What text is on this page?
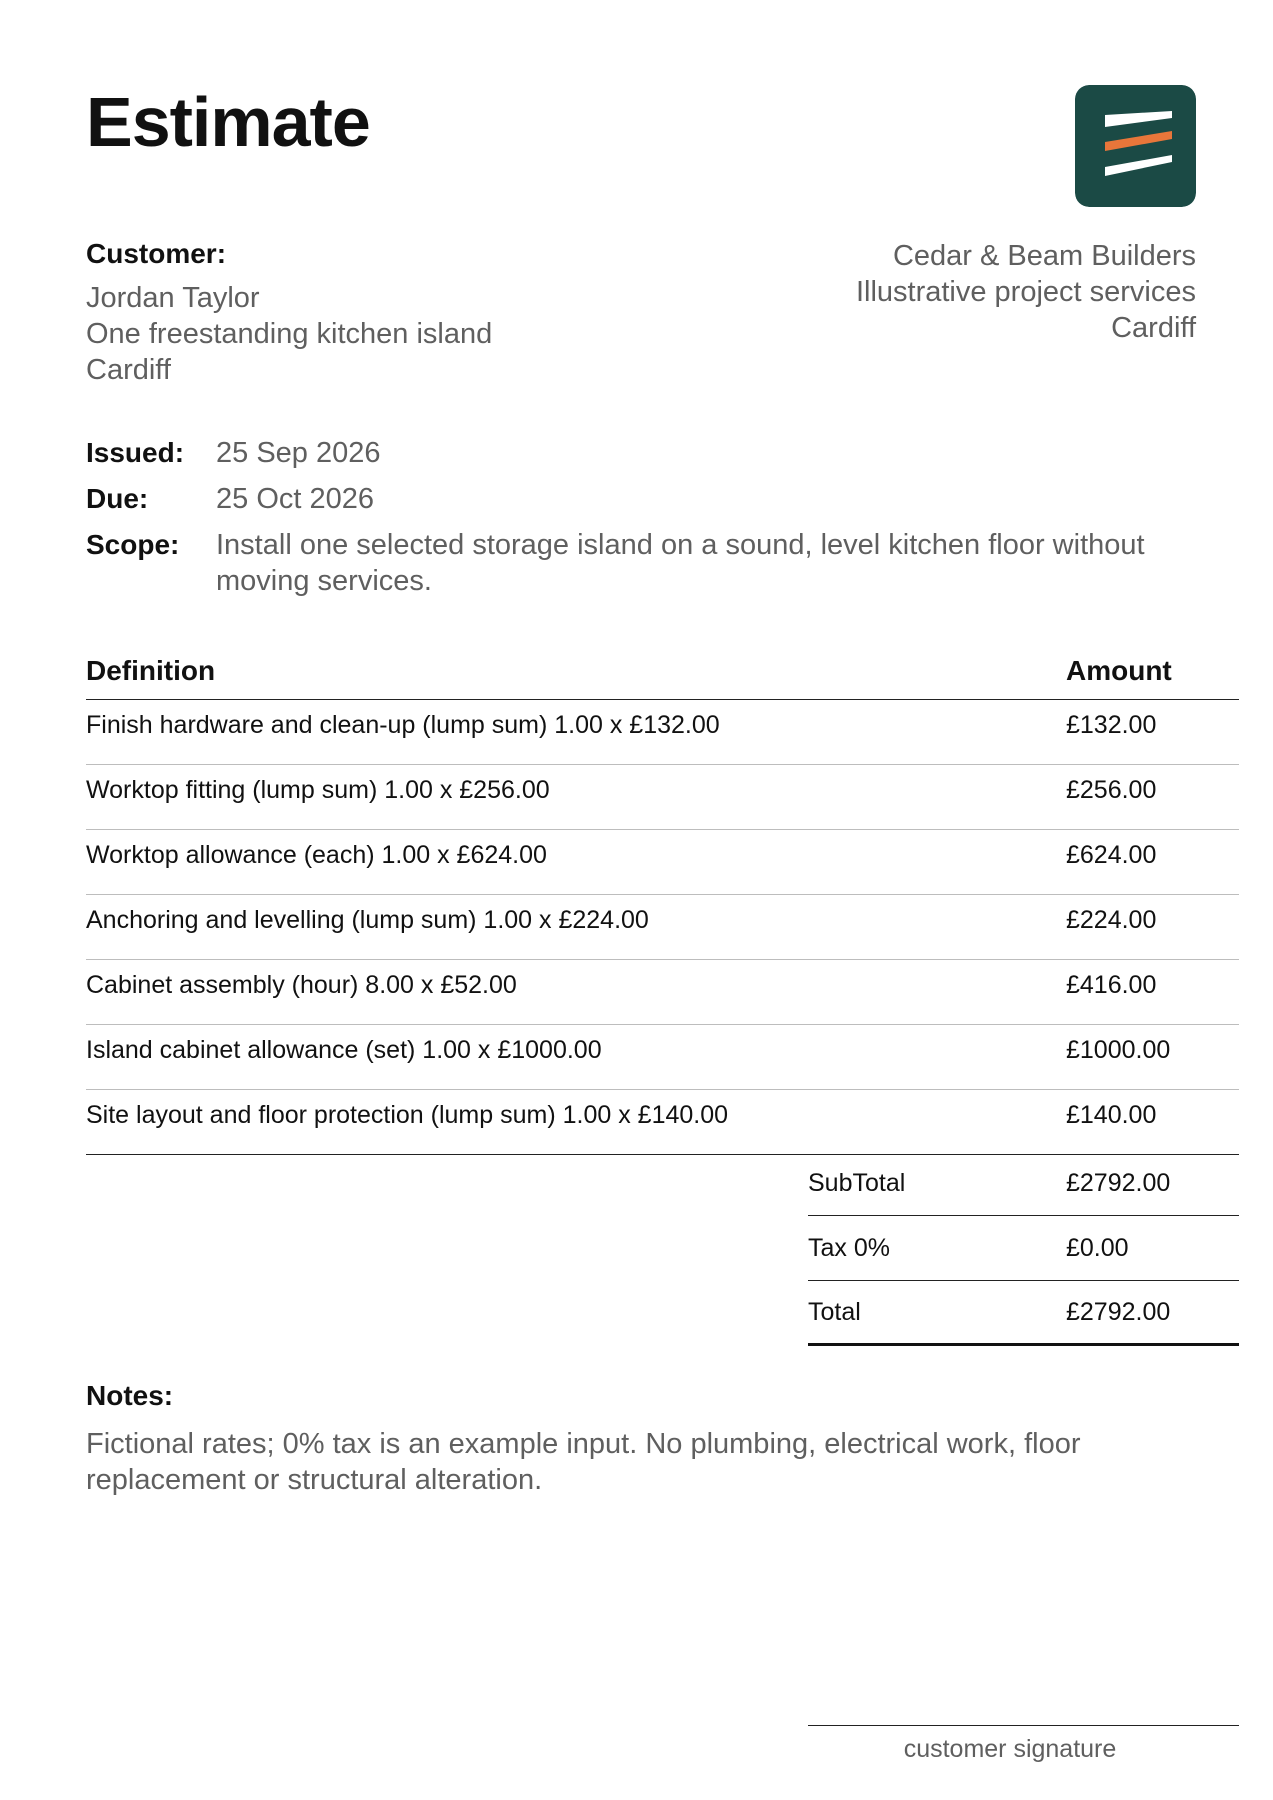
Estimate
Customer:
Jordan Taylor
One freestanding kitchen island
Cardiff
Cedar & Beam Builders
Illustrative project services
Cardiff
Issued:	25 Sep 2026
Due:	25 Oct 2026
Scope:	Install one selected storage island on a sound, level kitchen floor without moving services.
Definition	Amount
Finish hardware and clean-up (lump sum) 1.00 x £132.00	£132.00
Worktop fitting (lump sum) 1.00 x £256.00	£256.00
Worktop allowance (each) 1.00 x £624.00	£624.00
Anchoring and levelling (lump sum) 1.00 x £224.00	£224.00
Cabinet assembly (hour) 8.00 x £52.00	£416.00
Island cabinet allowance (set) 1.00 x £1000.00	£1000.00
Site layout and floor protection (lump sum) 1.00 x £140.00	£140.00
SubTotal	£2792.00
Tax 0%	£0.00
Total	£2792.00
Notes:
Fictional rates; 0% tax is an example input. No plumbing, electrical work, floor replacement or structural alteration.
customer signature
